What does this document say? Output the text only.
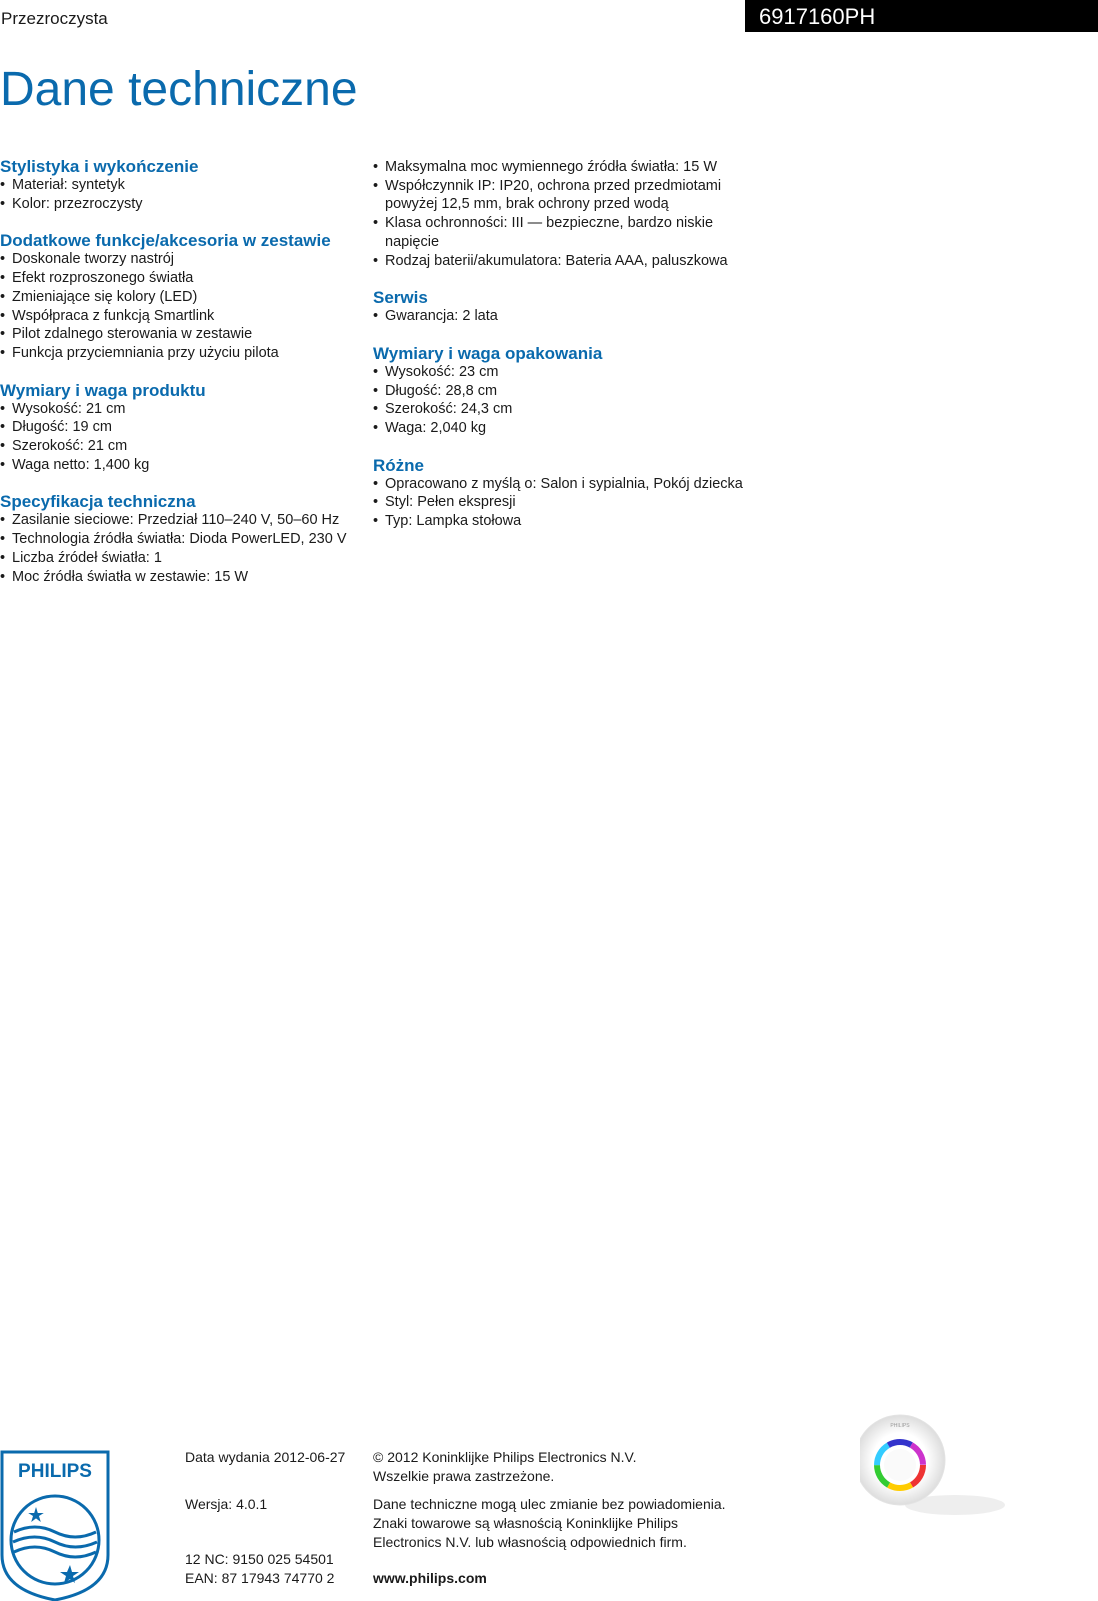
Przezroczysta	6917160PH
Dane techniczne
Stylistyka i wykończenie
• Materiał: syntetyk
• Kolor: przezroczysty
Dodatkowe funkcje/akcesoria w zestawie
• Doskonale tworzy nastrój
• Efekt rozproszonego światła
• Zmieniające się kolory (LED)
• Współpraca z funkcją Smartlink
• Pilot zdalnego sterowania w zestawie
• Funkcja przyciemniania przy użyciu pilota
Wymiary i waga produktu
• Wysokość: 21 cm
• Długość: 19 cm
• Szerokość: 21 cm
• Waga netto: 1,400 kg
Specyfikacja techniczna
• Zasilanie sieciowe: Przedział 110–240 V, 50–60 Hz
• Technologia źródła światła: Dioda PowerLED, 230 V
• Liczba źródeł światła: 1
• Moc źródła światła w zestawie: 15 W
• Maksymalna moc wymiennego źródła światła: 15 W
• Współczynnik IP: IP20, ochrona przed przedmiotami powyżej 12,5 mm, brak ochrony przed wodą
• Klasa ochronności: III — bezpieczne, bardzo niskie napięcie
• Rodzaj baterii/akumulatora: Bateria AAA, paluszkowa
Serwis
• Gwarancja: 2 lata
Wymiary i waga opakowania
• Wysokość: 23 cm
• Długość: 28,8 cm
• Szerokość: 24,3 cm
• Waga: 2,040 kg
Różne
• Opracowano z myślą o: Salon i sypialnia, Pokój dziecka
• Styl: Pełen ekspresji
• Typ: Lampka stołowa
Data wydania 2012-06-27
Wersja: 4.0.1
12 NC: 9150 025 54501
EAN: 87 17943 74770 2
© 2012 Koninklijke Philips Electronics N.V.
Wszelkie prawa zastrzeżone.
Dane techniczne mogą ulec zmianie bez powiadomienia.
Znaki towarowe są własnością Koninklijke Philips
Electronics N.V. lub własnością odpowiednich firm.
www.philips.com
PHILIPS
PHILIPS
